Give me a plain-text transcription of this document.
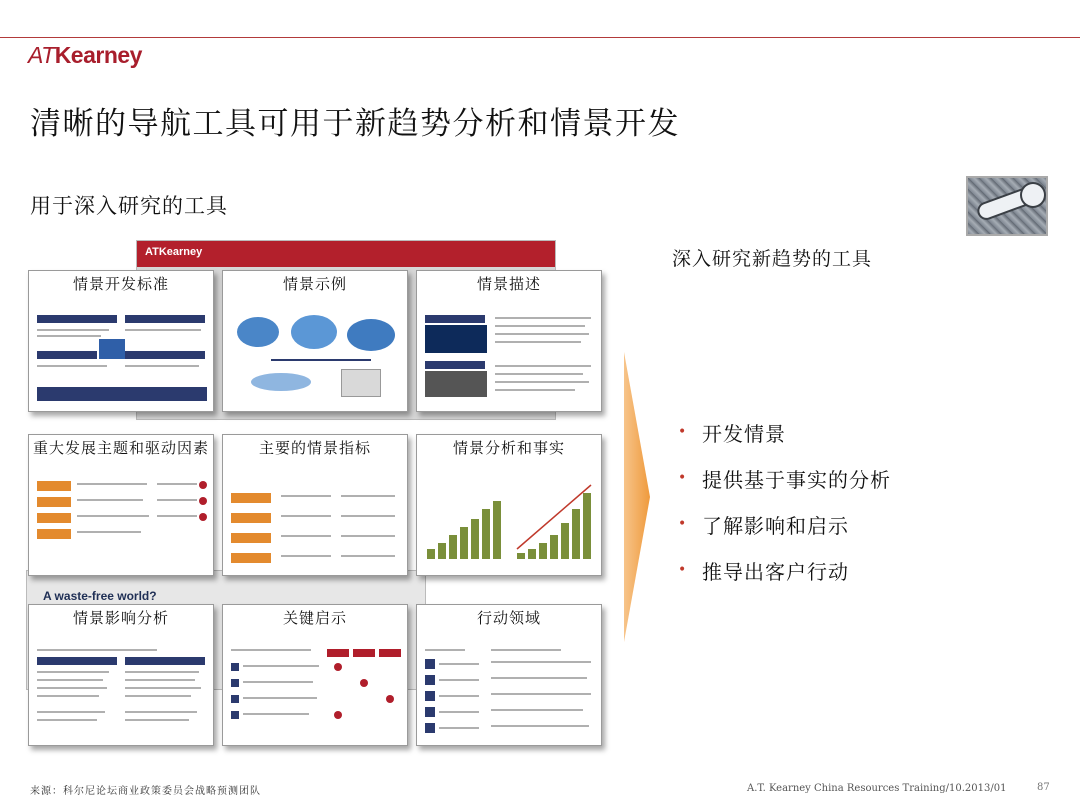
ATKearney
清晰的导航工具可用于新趋势分析和情景开发
用于深入研究的工具
ATKearney
A waste-free world?
情景开发标准	情景示例	情景描述
重大发展主题和驱动因素	主要的情景指标	情景分析和事实
情景影响分析	关键启示	行动领域
深入研究新趋势的工具
• 开发情景
• 提供基于事实的分析
• 了解影响和启示
• 推导出客户行动
来源：科尔尼论坛商业政策委员会战略预测团队	A.T. Kearney China Resources Training/10.2013/01	87
